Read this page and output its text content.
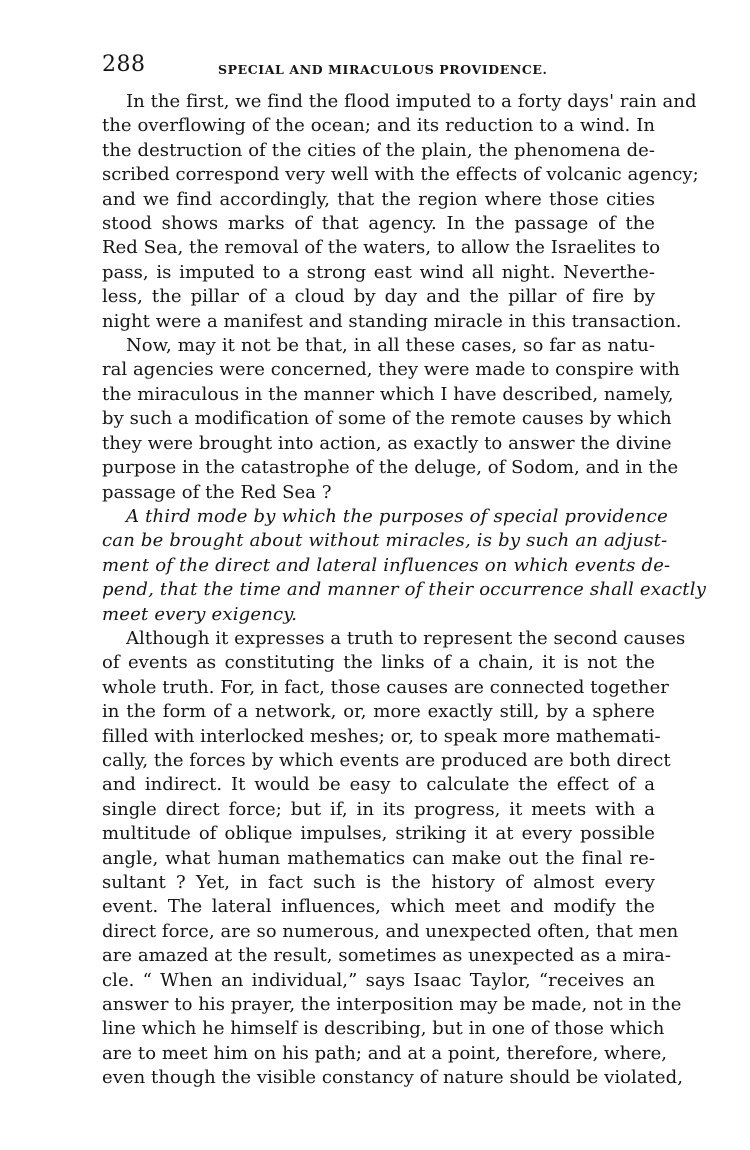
288	SPECIAL AND MIRACULOUS PROVIDENCE.

In the first, we find the flood imputed to a forty days' rain and
the overflowing of the ocean; and its reduction to a wind. In
the destruction of the cities of the plain, the phenomena de-
scribed correspond very well with the effects of volcanic agency;
and we find accordingly, that the region where those cities
stood shows marks of that agency. In the passage of the
Red Sea, the removal of the waters, to allow the Israelites to
pass, is imputed to a strong east wind all night. Neverthe-
less, the pillar of a cloud by day and the pillar of fire by
night were a manifest and standing miracle in this transaction.

Now, may it not be that, in all these cases, so far as natu-
ral agencies were concerned, they were made to conspire with
the miraculous in the manner which I have described, namely,
by such a modification of some of the remote causes by which
they were brought into action, as exactly to answer the divine
purpose in the catastrophe of the deluge, of Sodom, and in the
passage of the Red Sea ?

A third mode by which the purposes of special providence
can be brought about without miracles, is by such an adjust-
ment of the direct and lateral influences on which events de-
pend, that the time and manner of their occurrence shall exactly
meet every exigency.

Although it expresses a truth to represent the second causes
of events as constituting the links of a chain, it is not the
whole truth. For, in fact, those causes are connected together
in the form of a network, or, more exactly still, by a sphere
filled with interlocked meshes; or, to speak more mathemati-
cally, the forces by which events are produced are both direct
and indirect. It would be easy to calculate the effect of a
single direct force; but if, in its progress, it meets with a
multitude of oblique impulses, striking it at every possible
angle, what human mathematics can make out the final re-
sultant ? Yet, in fact such is the history of almost every
event. The lateral influences, which meet and modify the
direct force, are so numerous, and unexpected often, that men
are amazed at the result, sometimes as unexpected as a mira-
cle. “ When an individual,” says Isaac Taylor, “receives an
answer to his prayer, the interposition may be made, not in the
line which he himself is describing, but in one of those which
are to meet him on his path; and at a point, therefore, where,
even though the visible constancy of nature should be violated,
